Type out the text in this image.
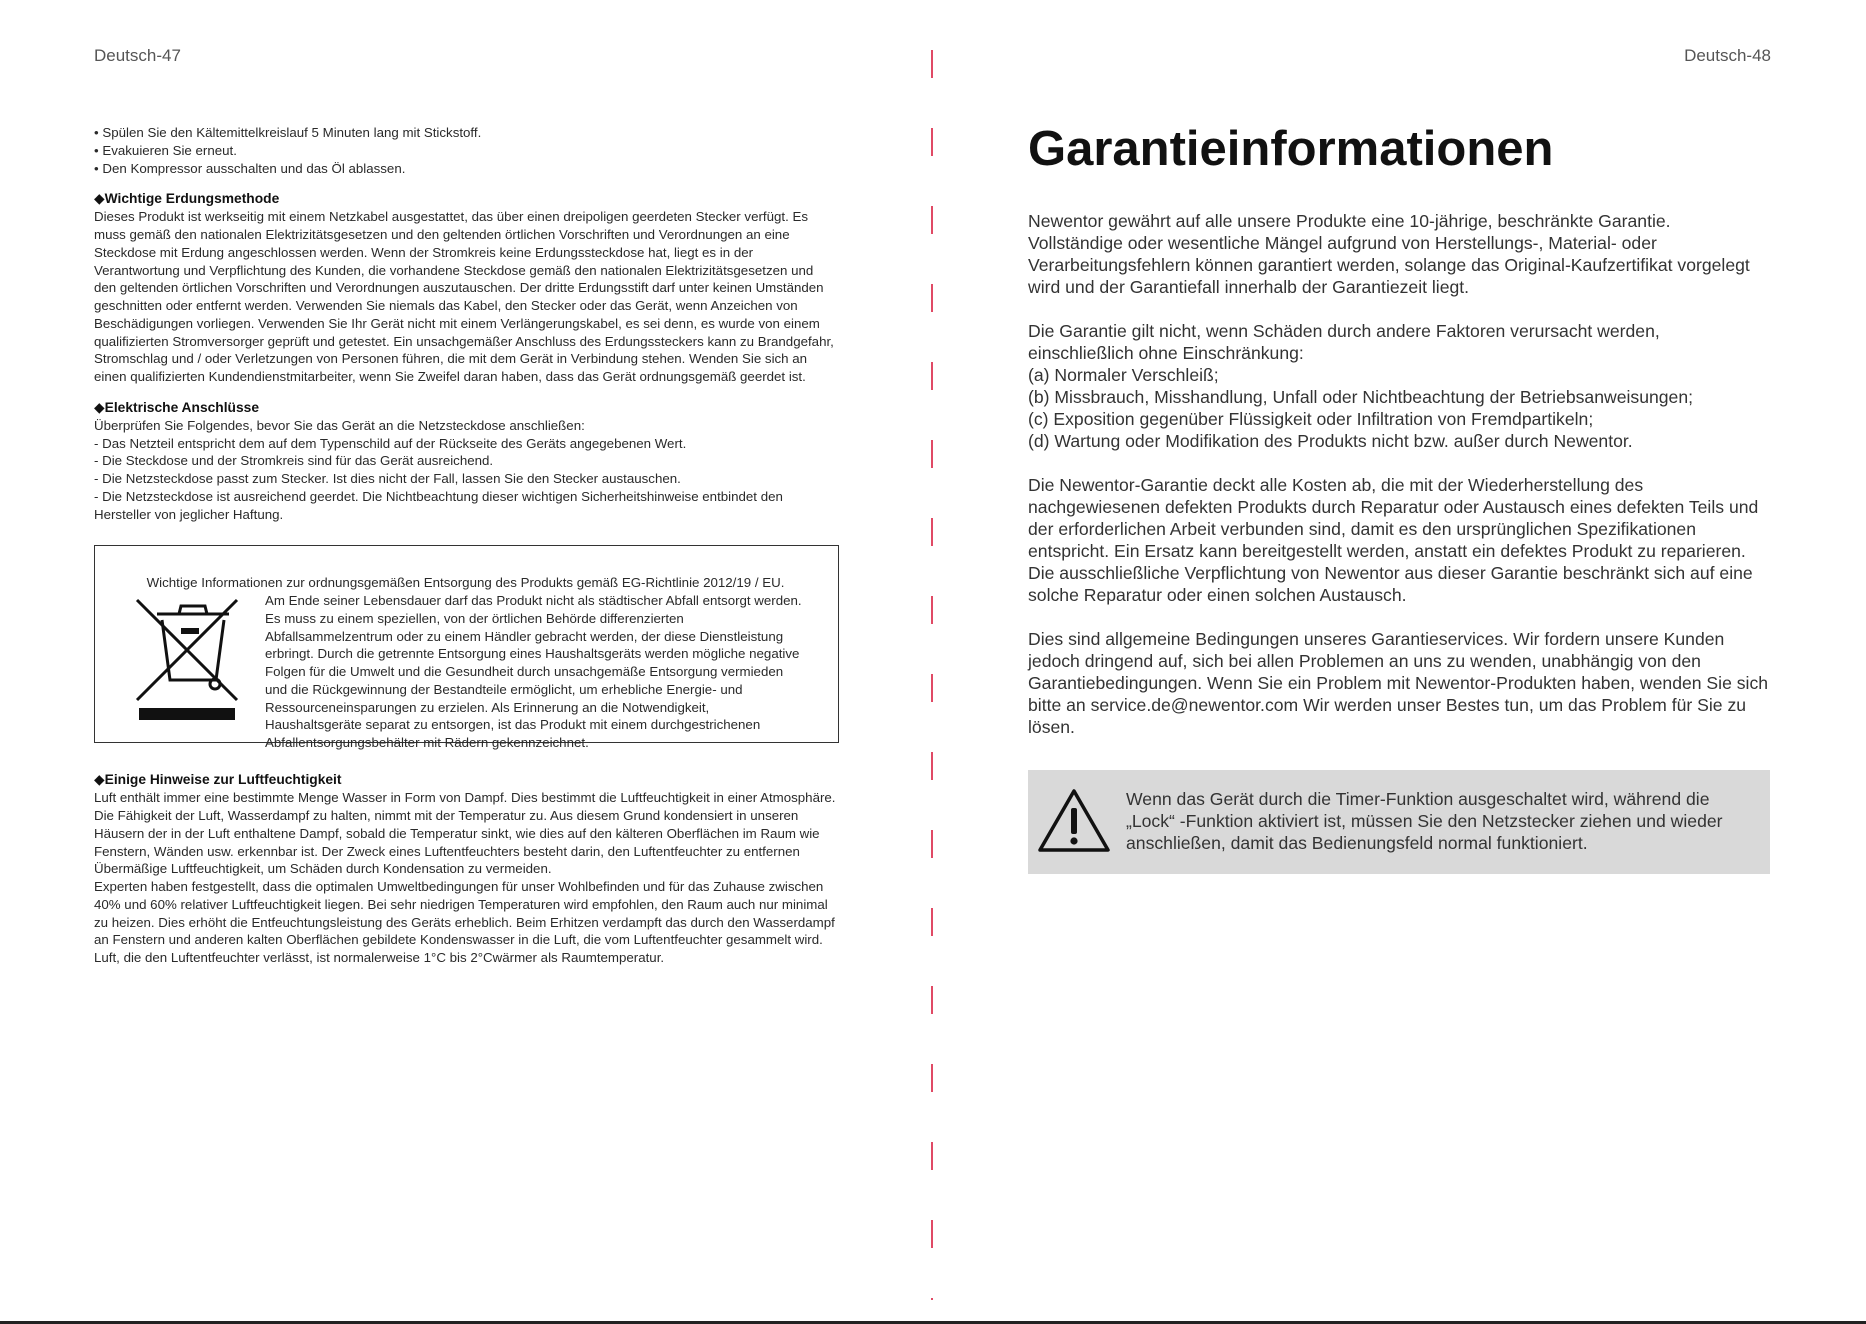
Deutsch-47
• Spülen Sie den Kältemittelkreislauf 5 Minuten lang mit Stickstoff.
• Evakuieren Sie erneut.
• Den Kompressor ausschalten und das Öl ablassen.
◆Wichtige Erdungsmethode

Dieses Produkt ist werkseitig mit einem Netzkabel ausgestattet, das über einen dreipoligen geerdeten Stecker verfügt. Es muss gemäß den nationalen Elektrizitätsgesetzen und den geltenden örtlichen Vorschriften und Verordnungen an eine Steckdose mit Erdung angeschlossen werden. Wenn der Stromkreis keine Erdungssteckdose hat, liegt es in der Verantwortung und Verpflichtung des Kunden, die vorhandene Steckdose gemäß den nationalen Elektrizitätsgesetzen und den geltenden örtlichen Vorschriften und Verordnungen auszutauschen. Der dritte Erdungsstift darf unter keinen Umständen geschnitten oder entfernt werden. Verwenden Sie niemals das Kabel, den Stecker oder das Gerät, wenn Anzeichen von Beschädigungen vorliegen. Verwenden Sie Ihr Gerät nicht mit einem Verlängerungskabel, es sei denn, es wurde von einem qualifizierten Stromversorger geprüft und getestet. Ein unsachgemäßer Anschluss des Erdungssteckers kann zu Brandgefahr, Stromschlag und / oder Verletzungen von Personen führen, die mit dem Gerät in Verbindung stehen. Wenden Sie sich an einen qualifizierten Kundendienstmitarbeiter, wenn Sie Zweifel daran haben, dass das Gerät ordnungsgemäß geerdet ist.

◆Elektrische Anschlüsse

Überprüfen Sie Folgendes, bevor Sie das Gerät an die Netzsteckdose anschließen:

- Das Netzteil entspricht dem auf dem Typenschild auf der Rückseite des Geräts angegebenen Wert.
- Die Steckdose und der Stromkreis sind für das Gerät ausreichend.
- Die Netzsteckdose passt zum Stecker. Ist dies nicht der Fall, lassen Sie den Stecker austauschen.
- Die Netzsteckdose ist ausreichend geerdet. Die Nichtbeachtung dieser wichtigen Sicherheitshinweise entbindet den Hersteller von jeglicher Haftung.

Wichtige Informationen zur ordnungsgemäßen Entsorgung des Produkts gemäß EG-Richtlinie 2012/19 / EU.

Am Ende seiner Lebensdauer darf das Produkt nicht als städtischer Abfall entsorgt werden. Es muss zu einem speziellen, von der örtlichen Behörde differenzierten Abfallsammelzentrum oder zu einem Händler gebracht werden, der diese Dienstleistung erbringt. Durch die getrennte Entsorgung eines Haushaltsgeräts werden mögliche negative Folgen für die Umwelt und die Gesundheit durch unsachgemäße Entsorgung vermieden und die Rückgewinnung der Bestandteile ermöglicht, um erhebliche Energie- und Ressourceneinsparungen zu erzielen. Als Erinnerung an die Notwendigkeit, Haushaltsgeräte separat zu entsorgen, ist das Produkt mit einem durchgestrichenen Abfallentsorgungsbehälter mit Rädern gekennzeichnet.

◆Einige Hinweise zur Luftfeuchtigkeit

Luft enthält immer eine bestimmte Menge Wasser in Form von Dampf. Dies bestimmt die Luftfeuchtigkeit in einer Atmosphäre. Die Fähigkeit der Luft, Wasserdampf zu halten, nimmt mit der Temperatur zu. Aus diesem Grund kondensiert in unseren Häusern der in der Luft enthaltene Dampf, sobald die Temperatur sinkt, wie dies auf den kälteren Oberflächen im Raum wie Fenstern, Wänden usw. erkennbar ist. Der Zweck eines Luftentfeuchters besteht darin, den Luftentfeuchter zu entfernen Übermäßige Luftfeuchtigkeit, um Schäden durch Kondensation zu vermeiden.

Experten haben festgestellt, dass die optimalen Umweltbedingungen für unser Wohlbefinden und für das Zuhause zwischen 40% und 60% relativer Luftfeuchtigkeit liegen. Bei sehr niedrigen Temperaturen wird empfohlen, den Raum auch nur minimal zu heizen. Dies erhöht die Entfeuchtungsleistung des Geräts erheblich. Beim Erhitzen verdampft das durch den Wasserdampf an Fenstern und anderen kalten Oberflächen gebildete Kondenswasser in die Luft, die vom Luftentfeuchter gesammelt wird. Luft, die den Luftentfeuchter verlässt, ist normalerweise 1°C bis 2°Cwärmer als Raumtemperatur.

Deutsch-48
Garantieinformationen

Newentor gewährt auf alle unsere Produkte eine 10-jährige, beschränkte Garantie. Vollständige oder wesentliche Mängel aufgrund von Herstellungs-, Material- oder Verarbeitungsfehlern können garantiert werden, solange das Original-Kaufzertifikat vorgelegt wird und der Garantiefall innerhalb der Garantiezeit liegt.

Die Garantie gilt nicht, wenn Schäden durch andere Faktoren verursacht werden, einschließlich ohne Einschränkung:

(a) Normaler Verschleiß;

(b) Missbrauch, Misshandlung, Unfall oder Nichtbeachtung der Betriebsanweisungen;

(c) Exposition gegenüber Flüssigkeit oder Infiltration von Fremdpartikeln;

(d) Wartung oder Modifikation des Produkts nicht bzw. außer durch Newentor.

Die Newentor-Garantie deckt alle Kosten ab, die mit der Wiederherstellung des nachgewiesenen defekten Produkts durch Reparatur oder Austausch eines defekten Teils und der erforderlichen Arbeit verbunden sind, damit es den ursprünglichen Spezifikationen entspricht. Ein Ersatz kann bereitgestellt werden, anstatt ein defektes Produkt zu reparieren. Die ausschließliche Verpflichtung von Newentor aus dieser Garantie beschränkt sich auf eine solche Reparatur oder einen solchen Austausch.

Dies sind allgemeine Bedingungen unseres Garantieservices. Wir fordern unsere Kunden jedoch dringend auf, sich bei allen Problemen an uns zu wenden, unabhängig von den Garantiebedingungen. Wenn Sie ein Problem mit Newentor-Produkten haben, wenden Sie sich bitte an service.de@newentor.com Wir werden unser Bestes tun, um das Problem für Sie zu lösen.

Wenn das Gerät durch die Timer-Funktion ausgeschaltet wird, während die „Lock“ -Funktion aktiviert ist, müssen Sie den Netzstecker ziehen und wieder anschließen, damit das Bedienungsfeld normal funktioniert.
